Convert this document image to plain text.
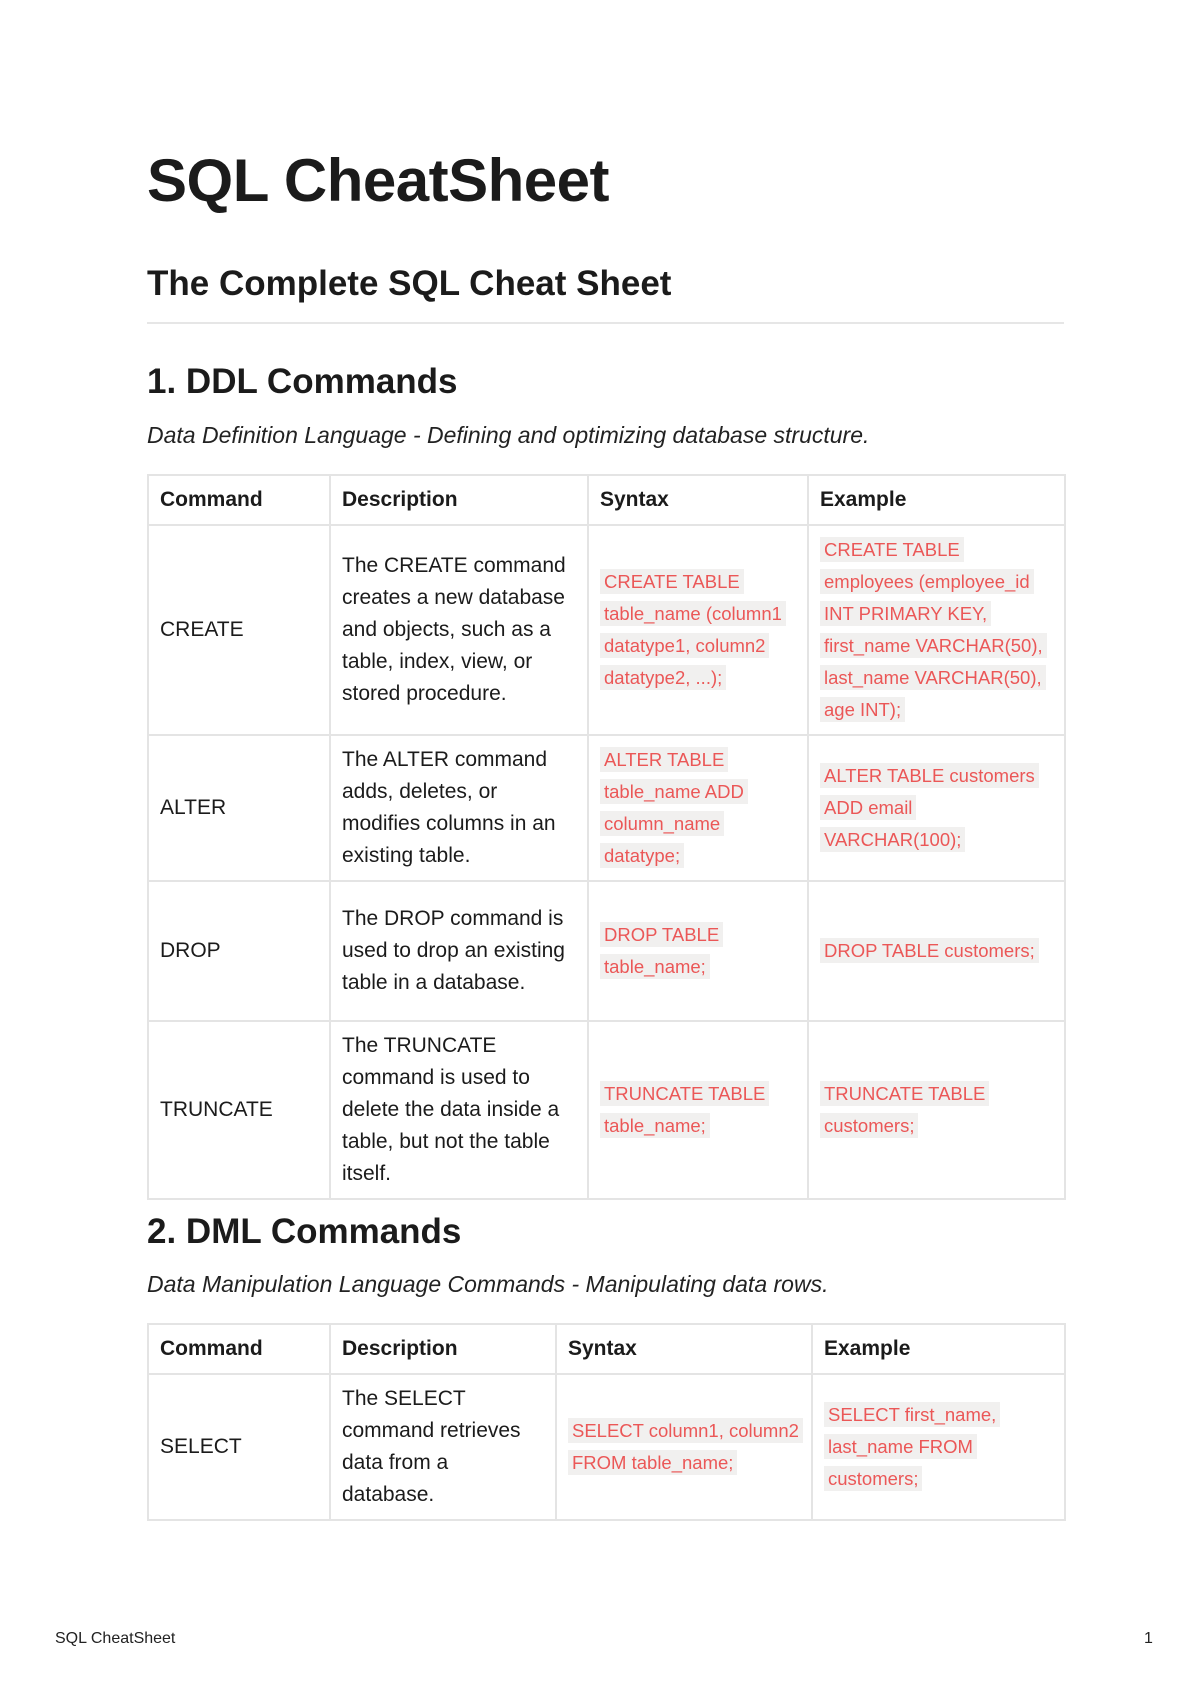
SQL CheatSheet
The Complete SQL Cheat Sheet
1. DDL Commands

Data Definition Language - Defining and optimizing database structure.

Command	Description	Syntax	Example
CREATE	The CREATE command creates a new database and objects, such as a table, index, view, or stored procedure.	CREATE TABLE table_name (column1 datatype1, column2 datatype2, ...);	CREATE TABLE employees (employee_id INT PRIMARY KEY, first_name VARCHAR(50), last_name VARCHAR(50), age INT);
ALTER	The ALTER command adds, deletes, or modifies columns in an existing table.	ALTER TABLE table_name ADD column_name datatype;	ALTER TABLE customers ADD email VARCHAR(100);
DROP	The DROP command is used to drop an existing table in a database.	DROP TABLE table_name;	DROP TABLE customers;
TRUNCATE	The TRUNCATE command is used to delete the data inside a table, but not the table itself.	TRUNCATE TABLE table_name;	TRUNCATE TABLE customers;
2. DML Commands

Data Manipulation Language Commands - Manipulating data rows.

Command	Description	Syntax	Example
SELECT	The SELECT command retrieves data from a database.	SELECT column1, column2 FROM table_name;	SELECT first_name, last_name FROM customers;
SQL CheatSheet	1
